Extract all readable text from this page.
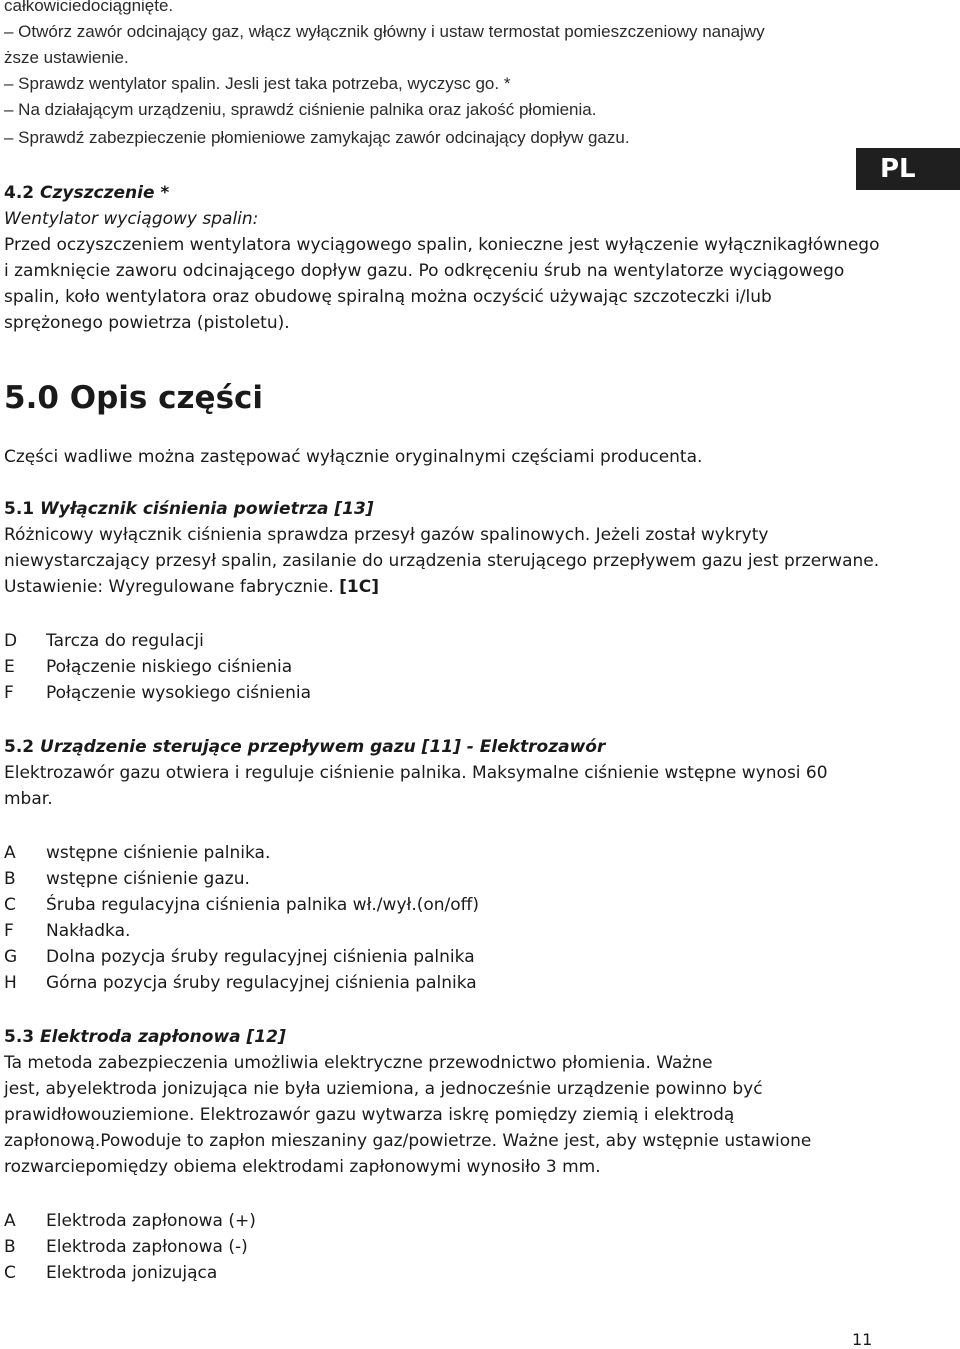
całkowiciedociągnięte.
– Otwórz zawór odcinający gaz, włącz wyłącznik główny i ustaw termostat pomieszczeniowy nanajwy
ższe ustawienie.
– Sprawdz wentylator spalin. Jesli jest taka potrzeba, wyczysc go. *
– Na działającym urządzeniu, sprawdź ciśnienie palnika oraz jakość płomienia.
– Sprawdź zabezpieczenie płomieniowe zamykając zawór odcinający dopływ gazu.
PL
4.2 Czyszczenie *
Wentylator wyciągowy spalin:

Przed oczyszczeniem wentylatora wyciągowego spalin, konieczne jest wyłączenie wyłącznikagłównego

i zamknięcie zaworu odcinającego dopływ gazu. Po odkręceniu śrub na wentylatorze wyciągowego

spalin, koło wentylatora oraz obudowę spiralną można oczyścić używając szczoteczki i/lub

sprężonego powietrza (pistoletu).

5.0 Opis części
Części wadliwe można zastępować wyłącznie oryginalnymi częściami producenta.
5.1 Wyłącznik ciśnienia powietrza [13]

Różnicowy wyłącznik ciśnienia sprawdza przesył gazów spalinowych. Jeżeli został wykryty

niewystarczający przesył spalin, zasilanie do urządzenia sterującego przepływem gazu jest przerwane.

Ustawienie: Wyregulowane fabrycznie. [1C]

D Tarcza do regulacji
E Połączenie niskiego ciśnienia
F Połączenie wysokiego ciśnienia
5.2 Urządzenie sterujące przepływem gazu [11] - Elektrozawór

Elektrozawór gazu otwiera i reguluje ciśnienie palnika. Maksymalne ciśnienie wstępne wynosi 60

mbar.

A wstępne ciśnienie palnika.
B wstępne ciśnienie gazu.
C Śruba regulacyjna ciśnienia palnika wł./wył.(on/off)
F Nakładka.
G Dolna pozycja śruby regulacyjnej ciśnienia palnika
H Górna pozycja śruby regulacyjnej ciśnienia palnika
5.3 Elektroda zapłonowa [12]

Ta metoda zabezpieczenia umożliwia elektryczne przewodnictwo płomienia. Ważne

jest, abyelektroda jonizująca nie była uziemiona, a jednocześnie urządzenie powinno być

prawidłowouziemione. Elektrozawór gazu wytwarza iskrę pomiędzy ziemią i elektrodą

zapłonową.Powoduje to zapłon mieszaniny gaz/powietrze. Ważne jest, aby wstępnie ustawione

rozwarciepomiędzy obiema elektrodami zapłonowymi wynosiło 3 mm.

A Elektroda zapłonowa (+)
B Elektroda zapłonowa (-)
C Elektroda jonizująca
11
